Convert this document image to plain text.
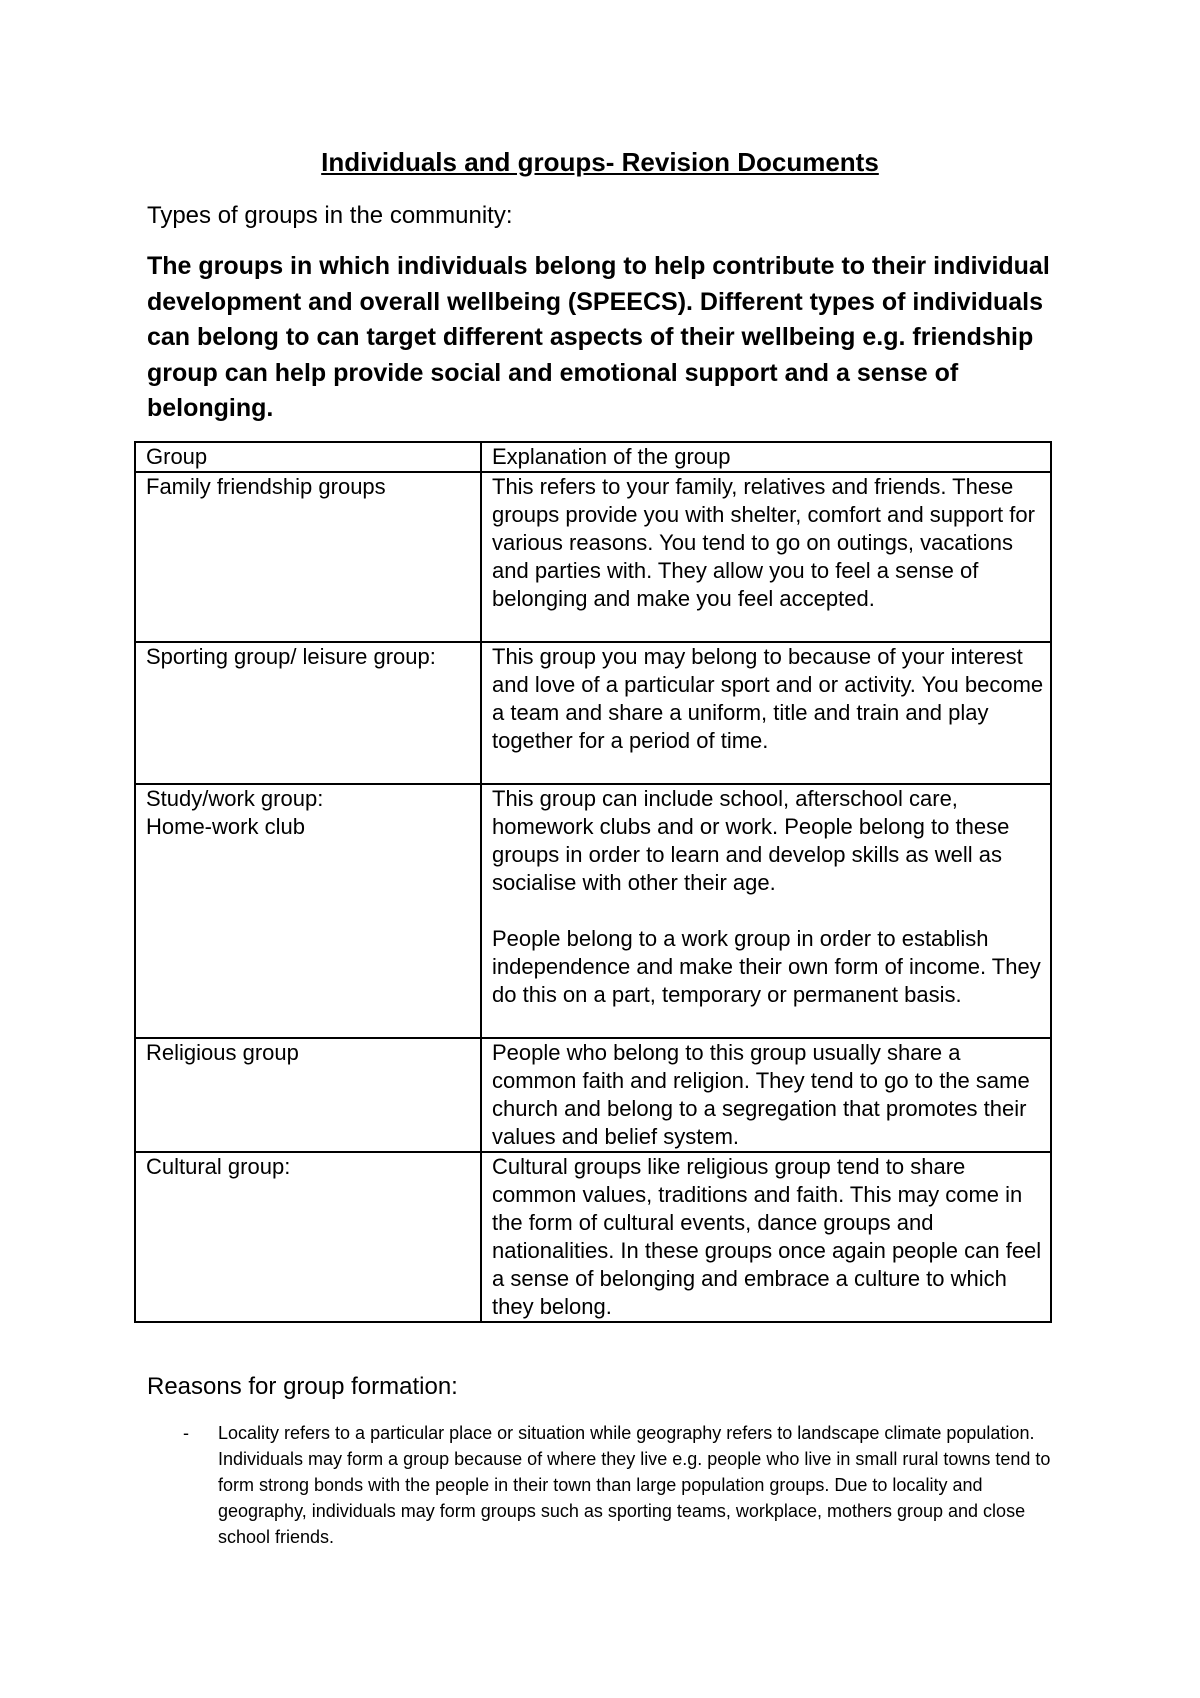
Individuals and groups- Revision Documents
Types of groups in the community:
The groups in which individuals belong to help contribute to their individual development and overall wellbeing (SPEECS). Different types of individuals can belong to can target different aspects of their wellbeing e.g. friendship group can help provide social and emotional support and a sense of belonging.
Group	Explanation of the group

Family friendship groups	This refers to your family, relatives and friends. These groups provide you with shelter, comfort and support for various reasons. You tend to go on outings, vacations and parties with. They allow you to feel a sense of belonging and make you feel accepted.

Sporting group/ leisure group:	This group you may belong to because of your interest and love of a particular sport and or activity. You become a team and share a uniform, title and train and play together for a period of time.

Study/work group:
Home-work club	This group can include school, afterschool care, homework clubs and or work. People belong to these groups in order to learn and develop skills as well as socialise with other their age.
People belong to a work group in order to establish independence and make their own form of income. They do this on a part, temporary or permanent basis.

Religious group	People who belong to this group usually share a common faith and religion. They tend to go to the same church and belong to a segregation that promotes their values and belief system.

Cultural group:	Cultural groups like religious group tend to share common values, traditions and faith. This may come in the form of cultural events, dance groups and nationalities. In these groups once again people can feel a sense of belonging and embrace a culture to which they belong.
Reasons for group formation:
- Locality refers to a particular place or situation while geography refers to landscape climate population. Individuals may form a group because of where they live e.g. people who live in small rural towns tend to form strong bonds with the people in their town than large population groups. Due to locality and geography, individuals may form groups such as sporting teams, workplace, mothers group and close school friends.
